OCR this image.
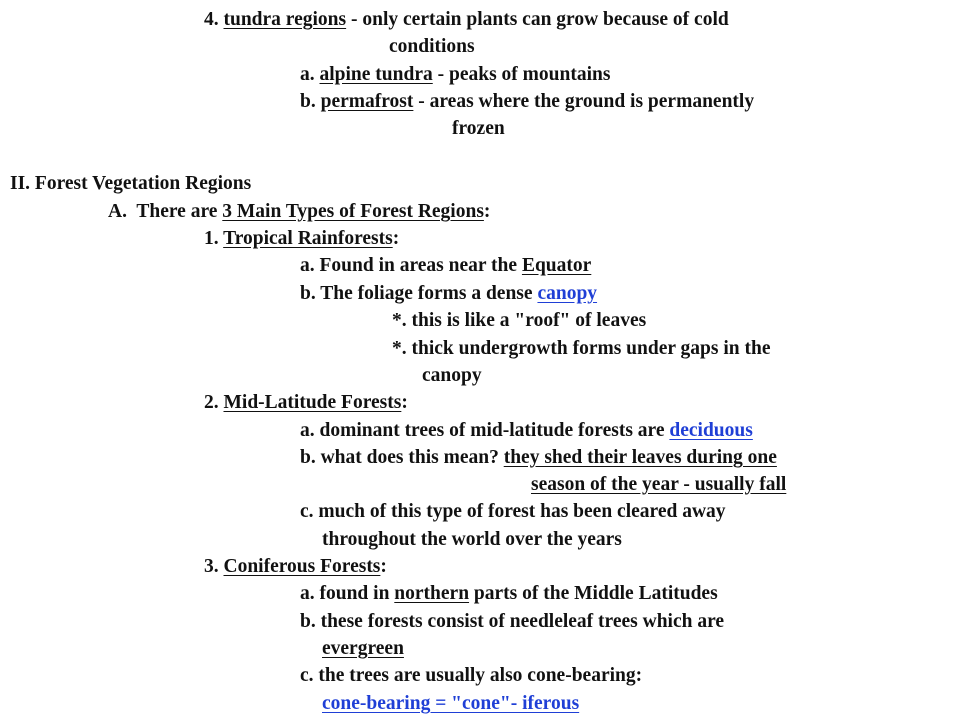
4. tundra regions - only certain plants can grow because of cold
conditions
a. alpine tundra - peaks of mountains
b. permafrost - areas where the ground is permanently
frozen
II. Forest Vegetation Regions
A.  There are 3 Main Types of Forest Regions:
1. Tropical Rainforests:
a. Found in areas near the Equator
b. The foliage forms a dense canopy
*. this is like a "roof" of leaves
*. thick undergrowth forms under gaps in the
canopy
2. Mid-Latitude Forests:
a. dominant trees of mid-latitude forests are deciduous
b. what does this mean? they shed their leaves during one
season of the year - usually fall
c. much of this type of forest has been cleared away
throughout the world over the years
3. Coniferous Forests:
a. found in northern parts of the Middle Latitudes
b. these forests consist of needleleaf trees which are
evergreen
c. the trees are usually also cone-bearing:
cone-bearing = "cone"- iferous
